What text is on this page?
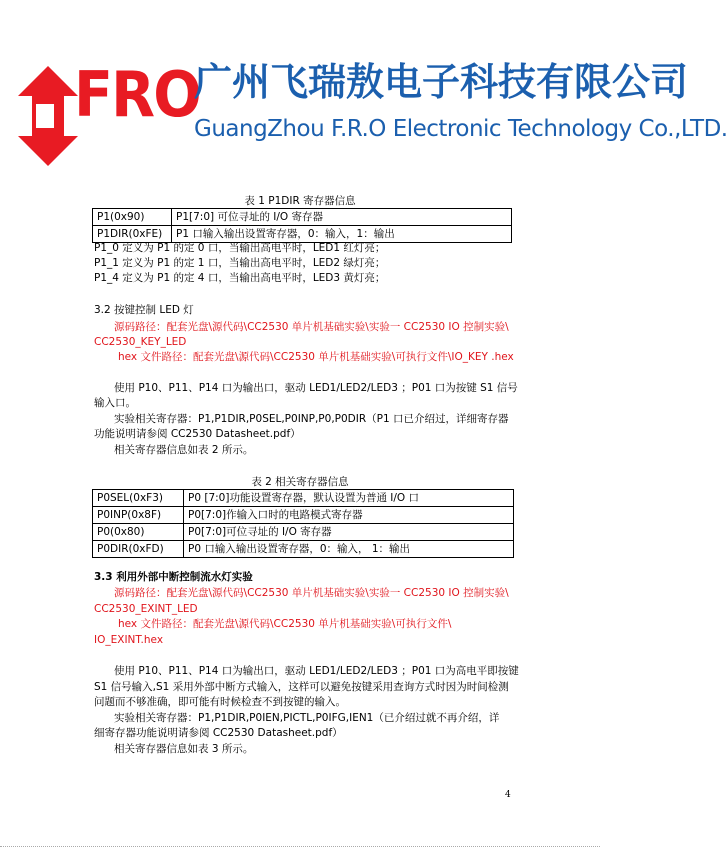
FRO
广州飞瑞敖电子科技有限公司
GuangZhou F.R.O Electronic Technology Co.,LTD.
表 1 P1DIR 寄存器信息
P1(0x90)	P1[7:0] 可位寻址的 I/O 寄存器
P1DIR(0xFE)	P1 口输入输出设置寄存器，0：输入，1：输出
P1_0 定义为 P1 的定 0 口，当输出高电平时，LED1 红灯亮；
P1_1 定义为 P1 的定 1 口，当输出高电平时，LED2 绿灯亮；
P1_4 定义为 P1 的定 4 口，当输出高电平时，LED3 黄灯亮；
3.2 按键控制 LED 灯
源码路径：配套光盘\源代码\CC2530 单片机基础实验\实验一 CC2530 IO 控制实验\
CC2530_KEY_LED
hex 文件路径：配套光盘\源代码\CC2530 单片机基础实验\可执行文件\IO_KEY .hex
使用 P10、P11、P14 口为输出口，驱动 LED1/LED2/LED3 ；P01 口为按键 S1 信号
输入口。
实验相关寄存器：P1,P1DIR,P0SEL,P0INP,P0,P0DIR（P1 口已介绍过，详细寄存器
功能说明请参阅 CC2530 Datasheet.pdf）
相关寄存器信息如表 2 所示。
表 2 相关寄存器信息
P0SEL(0xF3)	P0 [7:0]功能设置寄存器，默认设置为普通 I/O 口
P0INP(0x8F)	P0[7:0]作输入口时的电路模式寄存器
P0(0x80)	P0[7:0]可位寻址的 I/O 寄存器
P0DIR(0xFD)	P0 口输入输出设置寄存器，0：输入， 1：输出
3.3 利用外部中断控制流水灯实验
源码路径：配套光盘\源代码\CC2530 单片机基础实验\实验一 CC2530 IO 控制实验\
CC2530_EXINT_LED
hex 文件路径：配套光盘\源代码\CC2530 单片机基础实验\可执行文件\
IO_EXINT.hex
使用 P10、P11、P14 口为输出口，驱动 LED1/LED2/LED3 ；P01 口为高电平即按键
S1 信号输入,S1 采用外部中断方式输入，这样可以避免按键采用查询方式时因为时间检测
问题而不够准确，即可能有时候检查不到按键的输入。
实验相关寄存器：P1,P1DIR,P0IEN,PICTL,P0IFG,IEN1（已介绍过就不再介绍，详
细寄存器功能说明请参阅 CC2530 Datasheet.pdf）
相关寄存器信息如表 3 所示。
4
